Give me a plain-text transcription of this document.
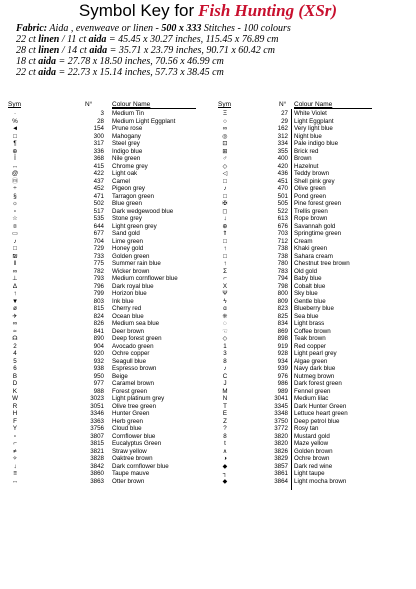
Symbol Key for Fish Hunting (XSr)
Fabric: Aida , evenweave or linen - 500 x 333 Stitches - 100 colours
22 ct linen / 11 ct aida = 45.45 x 30.27 inches, 115.45 x 76.89 cm
28 ct linen / 14 ct aida = 35.71 x 23.79 inches, 90.71 x 60.42 cm
18 ct aida = 27.78 x 18.50 inches, 70.56 x 46.99 cm
22 ct aida = 22.73 x 15.14 inches, 57.73 x 38.45 cm
Sym	N°	Colour Name
·	3 Medium Tin
%	28 Medium Light Eggplant
◄	154 Prune rose
□	300 Mahogany
¶	317 Steel grey
⊕	336 Indigo blue
Ï	368 Nile green
↔	415 Chrome grey
@	422 Light oak
ⓜ	437 Camel
÷	452 Pigeon grey
§	471 Tarragon green
☼	502 Blue green
▫	517 Dark wedgewood blue
☆	535 Stone grey
¤	644 Light green grey
▭	677 Sand gold
♪	704 Lime green
□	729 Honey gold
₪	733 Golden green
ǁ	775 Summer rain blue
∞	782 Wicker brown
⊥	793 Medium cornflower blue
Δ	796 Dark royal blue
↑	799 Horizon blue
▼	803 Ink blue
ø	815 Cherry red
✈	824 Ocean blue
∞	826 Medium sea blue
≈	841 Deer brown
☊	890 Deep forest green
2	904 Avocado green
4	920 Ochre copper
5	932 Seagull blue
6	938 Espresso brown
B	950 Beige
D	977 Caramel brown
K	988 Forest green
W	3023 Light platinum grey
R	3051 Olive tree green
H	3346 Hunter Green
F	3363 Herb green
Y	3756 Cloud blue
▫	3807 Cornflower blue
⌐	3815 Eucalyptus Green
≠	3821 Straw yellow
✧	3828 Oaktree brown
↓	3842 Dark cornflower blue
≡	3860 Taupe mauve
↔	3863 Otter brown
Sym	N° Colour Name
Ξ	27 White Violet
○	29 Light Eggplant
∞	162 Very light blue
◎	312 Night blue
⊡	334 Pale indigo blue
⊞	355 Brick red
♂	400 Brown
◇	420 Hazelnut
◁	436 Teddy brown
□	451 Shell pink grey
♪	470 Olive green
□	501 Pond green
✠	505 Pine forest green
◻	522 Trellis green
↓	613 Rope brown
⊕	676 Savannah gold
⇑	703 Springtime green
□	712 Cream
↑	738 Khaki green
□	738 Sahara cream
↑	780 Chestnut tree brown
Σ	783 Old gold
⌐	794 Baby blue
X	798 Cobalt blue
Ψ	800 Sky blue
ϟ	809 Gentle blue
ɑ	823 Blueberry blue
❈	825 Sea blue
◌	834 Light brass
☜	869 Coffee brown
◇	898 Teak brown
1	919 Red copper
3	928 Light pearl grey
8	934 Algae green
♪	939 Navy dark blue
C	976 Nutmeg brown
J	986 Dark forest green
M	989 Fennel green
N	3041 Medium lilac
T	3345 Dark Hunter Green
E	3348 Lettuce heart green
Z	3750 Deep petrol blue
?	3772 Rosy tan
8	3820 Mustard gold
t	3820 Maze yellow
∧	3826 Golden brown
◑	3829 Ochre brown
◆	3857 Dark red wine
┐	3861 Light taupe
◆	3864 Light mocha brown
